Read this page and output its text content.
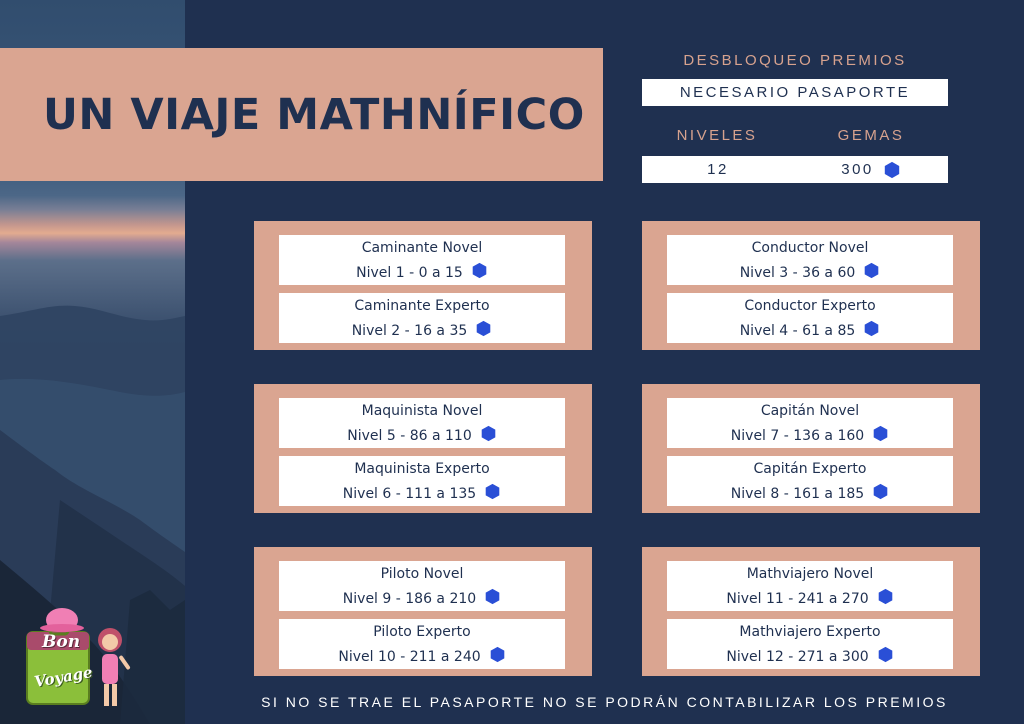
UN VIAJE MATHNÍFICO
DESBLOQUEO PREMIOS
NECESARIO PASAPORTE
NIVELES	GEMAS
12	300
Caminante Novel
Nivel 1 - 0 a 15
Caminante Experto
Nivel 2 - 16 a 35
Conductor Novel
Nivel 3 - 36 a 60
Conductor Experto
Nivel 4 - 61 a 85
Maquinista Novel
Nivel 5 - 86 a 110
Maquinista Experto
Nivel 6 - 111 a 135
Capitán Novel
Nivel 7 - 136 a 160
Capitán Experto
Nivel 8 - 161 a 185
Piloto Novel
Nivel 9 - 186 a 210
Piloto Experto
Nivel 10 - 211 a 240
Mathviajero Novel
Nivel 11 - 241 a 270
Mathviajero Experto
Nivel 12 - 271 a 300
SI NO SE TRAE EL PASAPORTE NO SE PODRÁN CONTABILIZAR LOS PREMIOS
Bon
Voyage
